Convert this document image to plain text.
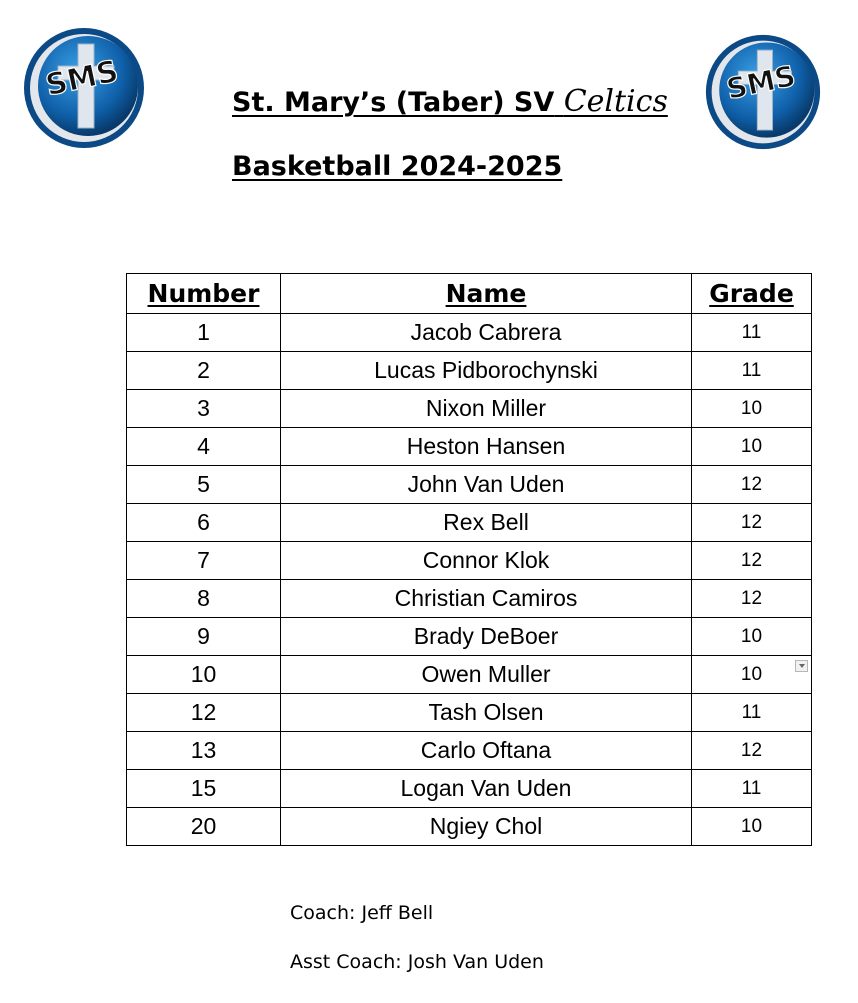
SMS	SMS
St. Mary’s (Taber) SV Celtics
Basketball 2024-2025
Number	Name	Grade
1	Jacob Cabrera	11
2	Lucas Pidborochynski	11
3	Nixon Miller	10
4	Heston Hansen	10
5	John Van Uden	12
6	Rex Bell	12
7	Connor Klok	12
8	Christian Camiros	12
9	Brady DeBoer	10
10	Owen Muller	10

12	Tash Olsen	11
13	Carlo Oftana	12
15	Logan Van Uden	11
20	Ngiey Chol	10
Coach: Jeff Bell
Asst Coach: Josh Van Uden
